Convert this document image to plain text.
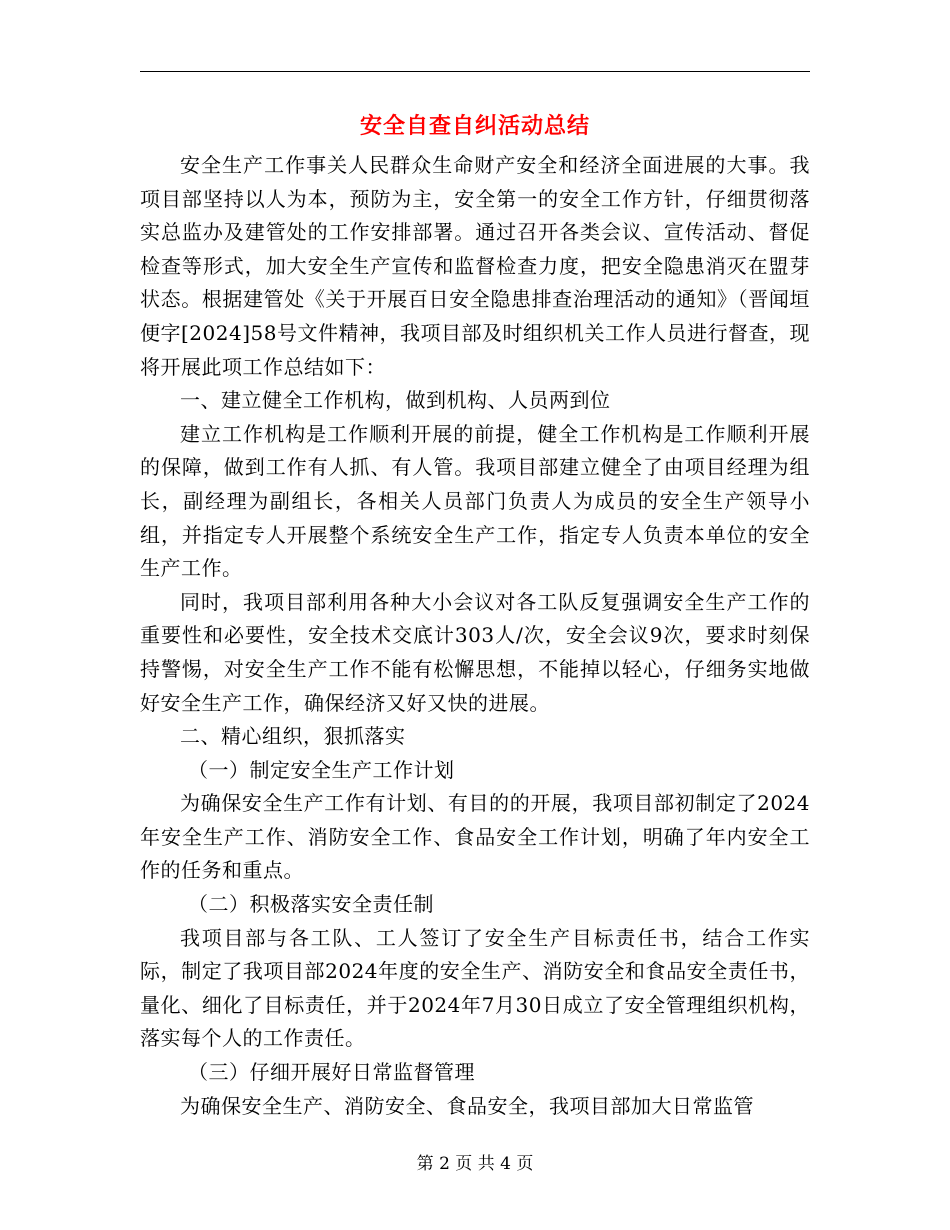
安全自查自纠活动总结

安全生产工作事关人民群众生命财产安全和经济全面进展的大事。我项目部坚持以人为本，预防为主，安全第一的安全工作方针，仔细贯彻落实总监办及建管处的工作安排部署。通过召开各类会议、宣传活动、督促检查等形式，加大安全生产宣传和监督检查力度，把安全隐患消灭在盟芽状态。根据建管处《关于开展百日安全隐患排查治理活动的通知》（晋闻垣便字[2024]58号文件精神，我项目部及时组织机关工作人员进行督查，现将开展此项工作总结如下：

一、建立健全工作机构，做到机构、人员两到位

建立工作机构是工作顺利开展的前提，健全工作机构是工作顺利开展的保障，做到工作有人抓、有人管。我项目部建立健全了由项目经理为组长，副经理为副组长，各相关人员部门负责人为成员的安全生产领导小组，并指定专人开展整个系统安全生产工作，指定专人负责本单位的安全生产工作。

同时，我项目部利用各种大小会议对各工队反复强调安全生产工作的重要性和必要性，安全技术交底计303人/次，安全会议9次，要求时刻保持警惕，对安全生产工作不能有松懈思想，不能掉以轻心，仔细务实地做好安全生产工作，确保经济又好又快的进展。

二、精心组织，狠抓落实

（一）制定安全生产工作计划

为确保安全生产工作有计划、有目的的开展，我项目部初制定了2024年安全生产工作、消防安全工作、食品安全工作计划，明确了年内安全工作的任务和重点。

（二）积极落实安全责任制

我项目部与各工队、工人签订了安全生产目标责任书，结合工作实际，制定了我项目部2024年度的安全生产、消防安全和食品安全责任书，量化、细化了目标责任，并于2024年7月30日成立了安全管理组织机构，落实每个人的工作责任。

（三）仔细开展好日常监督管理

为确保安全生产、消防安全、食品安全，我项目部加大日常监管

第 2 页 共 4 页
